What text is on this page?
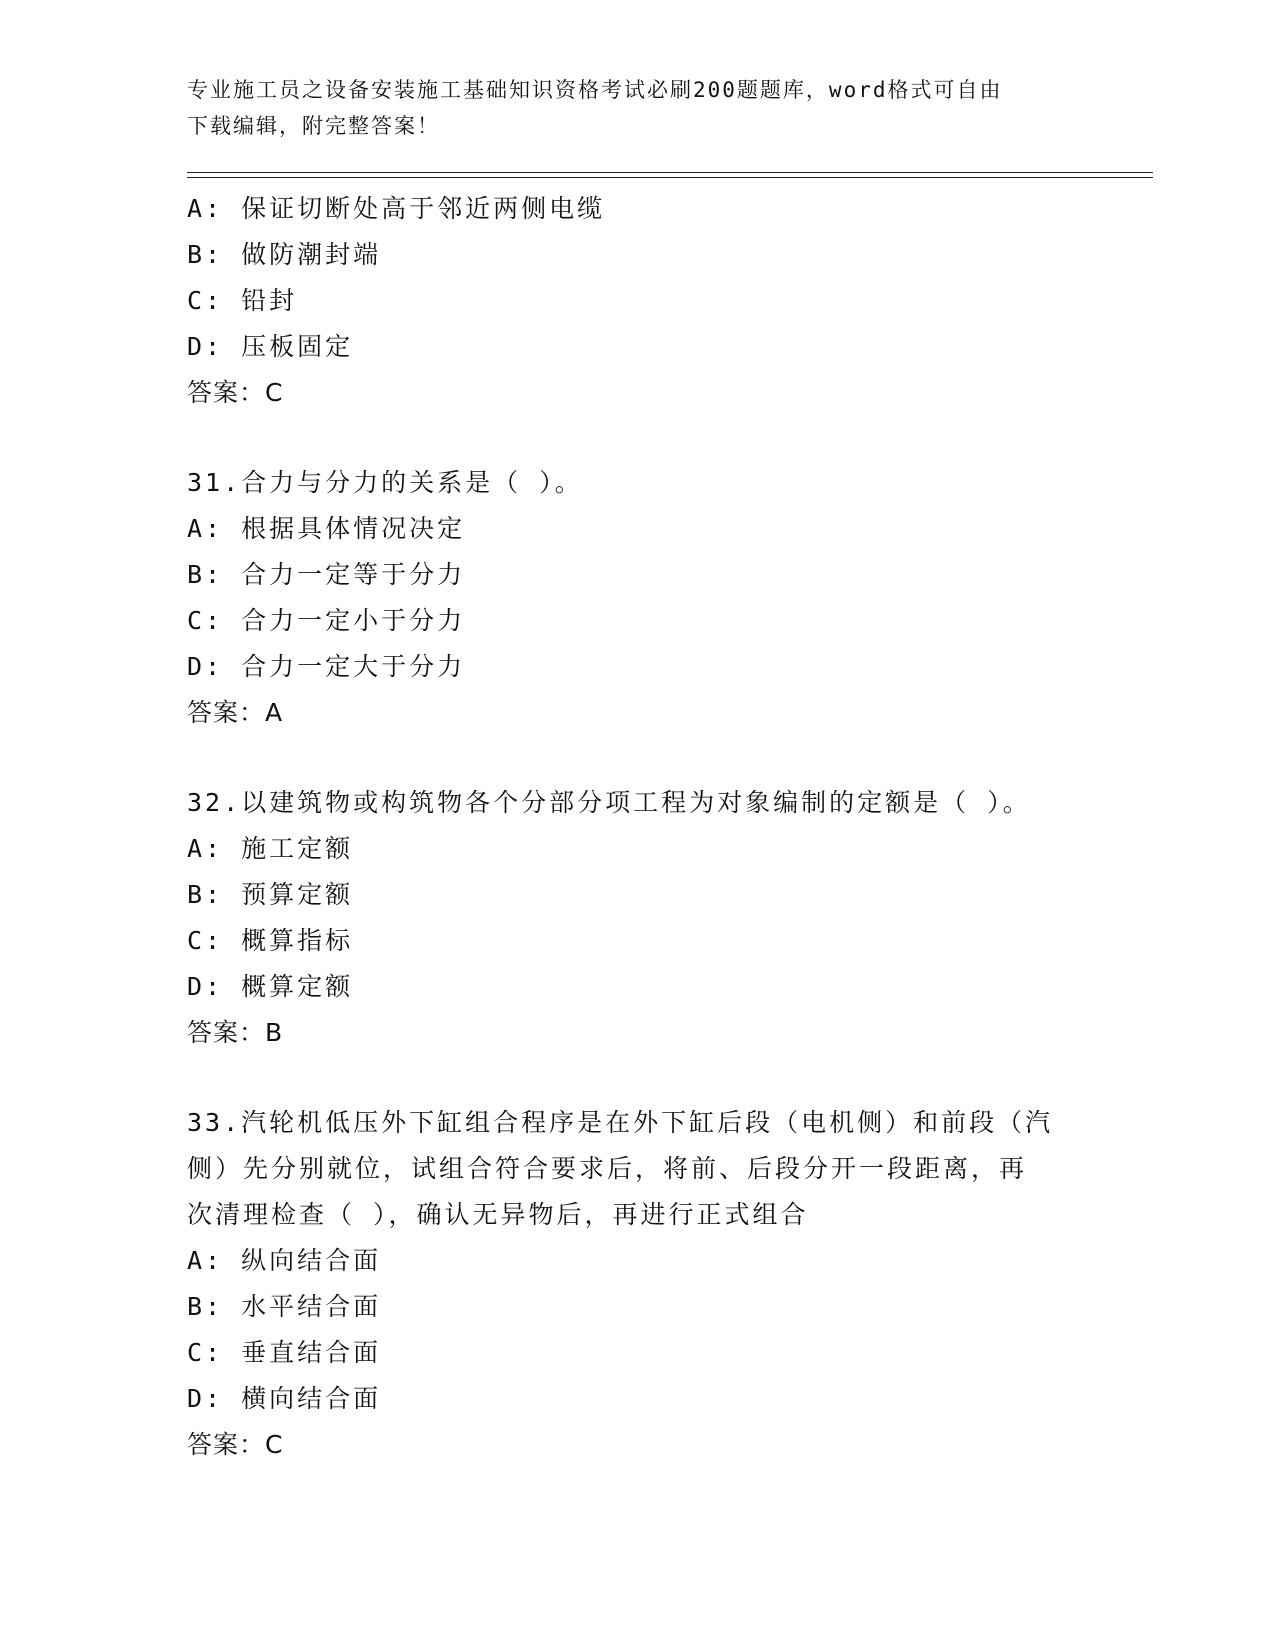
专业施工员之设备安装施工基础知识资格考试必刷200题题库，word格式可自由
下载编辑，附完整答案！
A: 保证切断处高于邻近两侧电缆
B: 做防潮封端
C: 铅封
D: 压板固定
答案：C
31.合力与分力的关系是（ ）。
A: 根据具体情况决定
B: 合力一定等于分力
C: 合力一定小于分力
D: 合力一定大于分力
答案：A
32.以建筑物或构筑物各个分部分项工程为对象编制的定额是（ ）。
A: 施工定额
B: 预算定额
C: 概算指标
D: 概算定额
答案：B
33.汽轮机低压外下缸组合程序是在外下缸后段（电机侧）和前段（汽
侧）先分别就位，试组合符合要求后，将前、后段分开一段距离，再
次清理检查（ ），确认无异物后，再进行正式组合
A: 纵向结合面
B: 水平结合面
C: 垂直结合面
D: 横向结合面
答案：C
